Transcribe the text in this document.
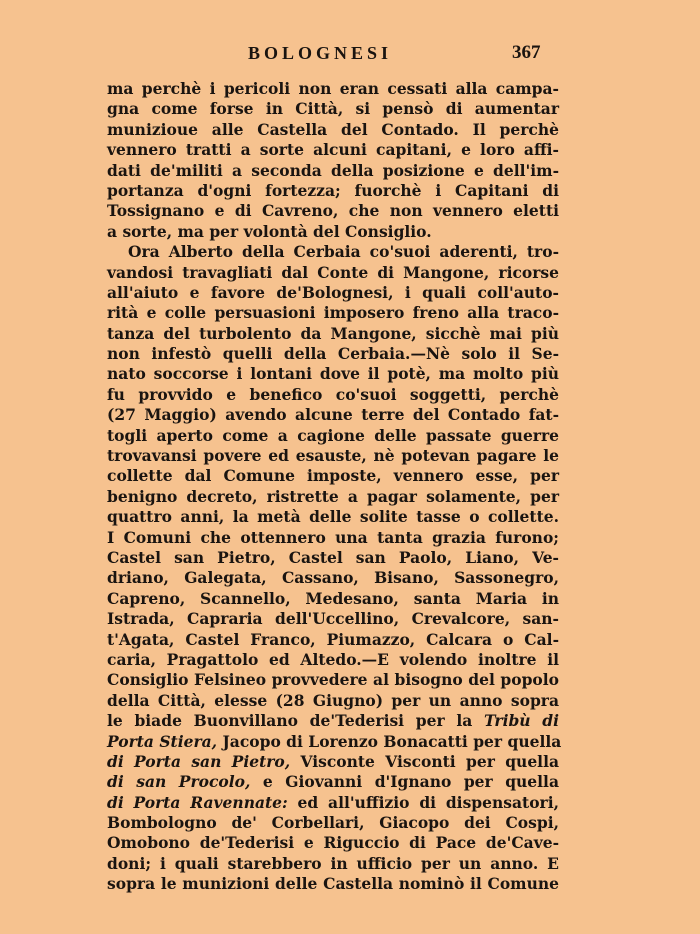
BOLOGNESI	367
ma perchè i pericoli non eran cessati alla campa-
gna come forse in Città, si pensò di aumentar
munizioue alle Castella del Contado. Il perchè
vennero tratti a sorte alcuni capitani, e loro affi-
dati de'militi a seconda della posizione e dell'im-
portanza d'ogni fortezza; fuorchè i Capitani di
Tossignano e di Cavreno, che non vennero eletti
a sorte, ma per volontà del Consiglio.
Ora Alberto della Cerbaia co'suoi aderenti, tro-
vandosi travagliati dal Conte di Mangone, ricorse
all'aiuto e favore de'Bolognesi, i quali coll'auto-
rità e colle persuasioni imposero freno alla traco-
tanza del turbolento da Mangone, sicchè mai più
non infestò quelli della Cerbaia.—Nè solo il Se-
nato soccorse i lontani dove il potè, ma molto più
fu provvido e benefico co'suoi soggetti, perchè
(27 Maggio) avendo alcune terre del Contado fat-
togli aperto come a cagione delle passate guerre
trovavansi povere ed esauste, nè potevan pagare le
collette dal Comune imposte, vennero esse, per
benigno decreto, ristrette a pagar solamente, per
quattro anni, la metà delle solite tasse o collette.
I Comuni che ottennero una tanta grazia furono;
Castel san Pietro, Castel san Paolo, Liano, Ve-
driano, Galegata, Cassano, Bisano, Sassonegro,
Capreno, Scannello, Medesano, santa Maria in
Istrada, Capraria dell'Uccellino, Crevalcore, san-
t'Agata, Castel Franco, Piumazzo, Calcara o Cal-
caria, Pragattolo ed Altedo.—E volendo inoltre il
Consiglio Felsineo provvedere al bisogno del popolo
della Città, elesse (28 Giugno) per un anno sopra
le biade Buonvillano de'Tederisi per la Tribù di
Porta Stiera, Jacopo di Lorenzo Bonacatti per quella
di Porta san Pietro, Visconte Visconti per quella
di san Procolo, e Giovanni d'Ignano per quella
di Porta Ravennate: ed all'uffizio di dispensatori,
Bombologno de' Corbellari, Giacopo dei Cospi,
Omobono de'Tederisi e Riguccio di Pace de'Cave-
doni; i quali starebbero in ufficio per un anno. E
sopra le munizioni delle Castella nominò il Comune
